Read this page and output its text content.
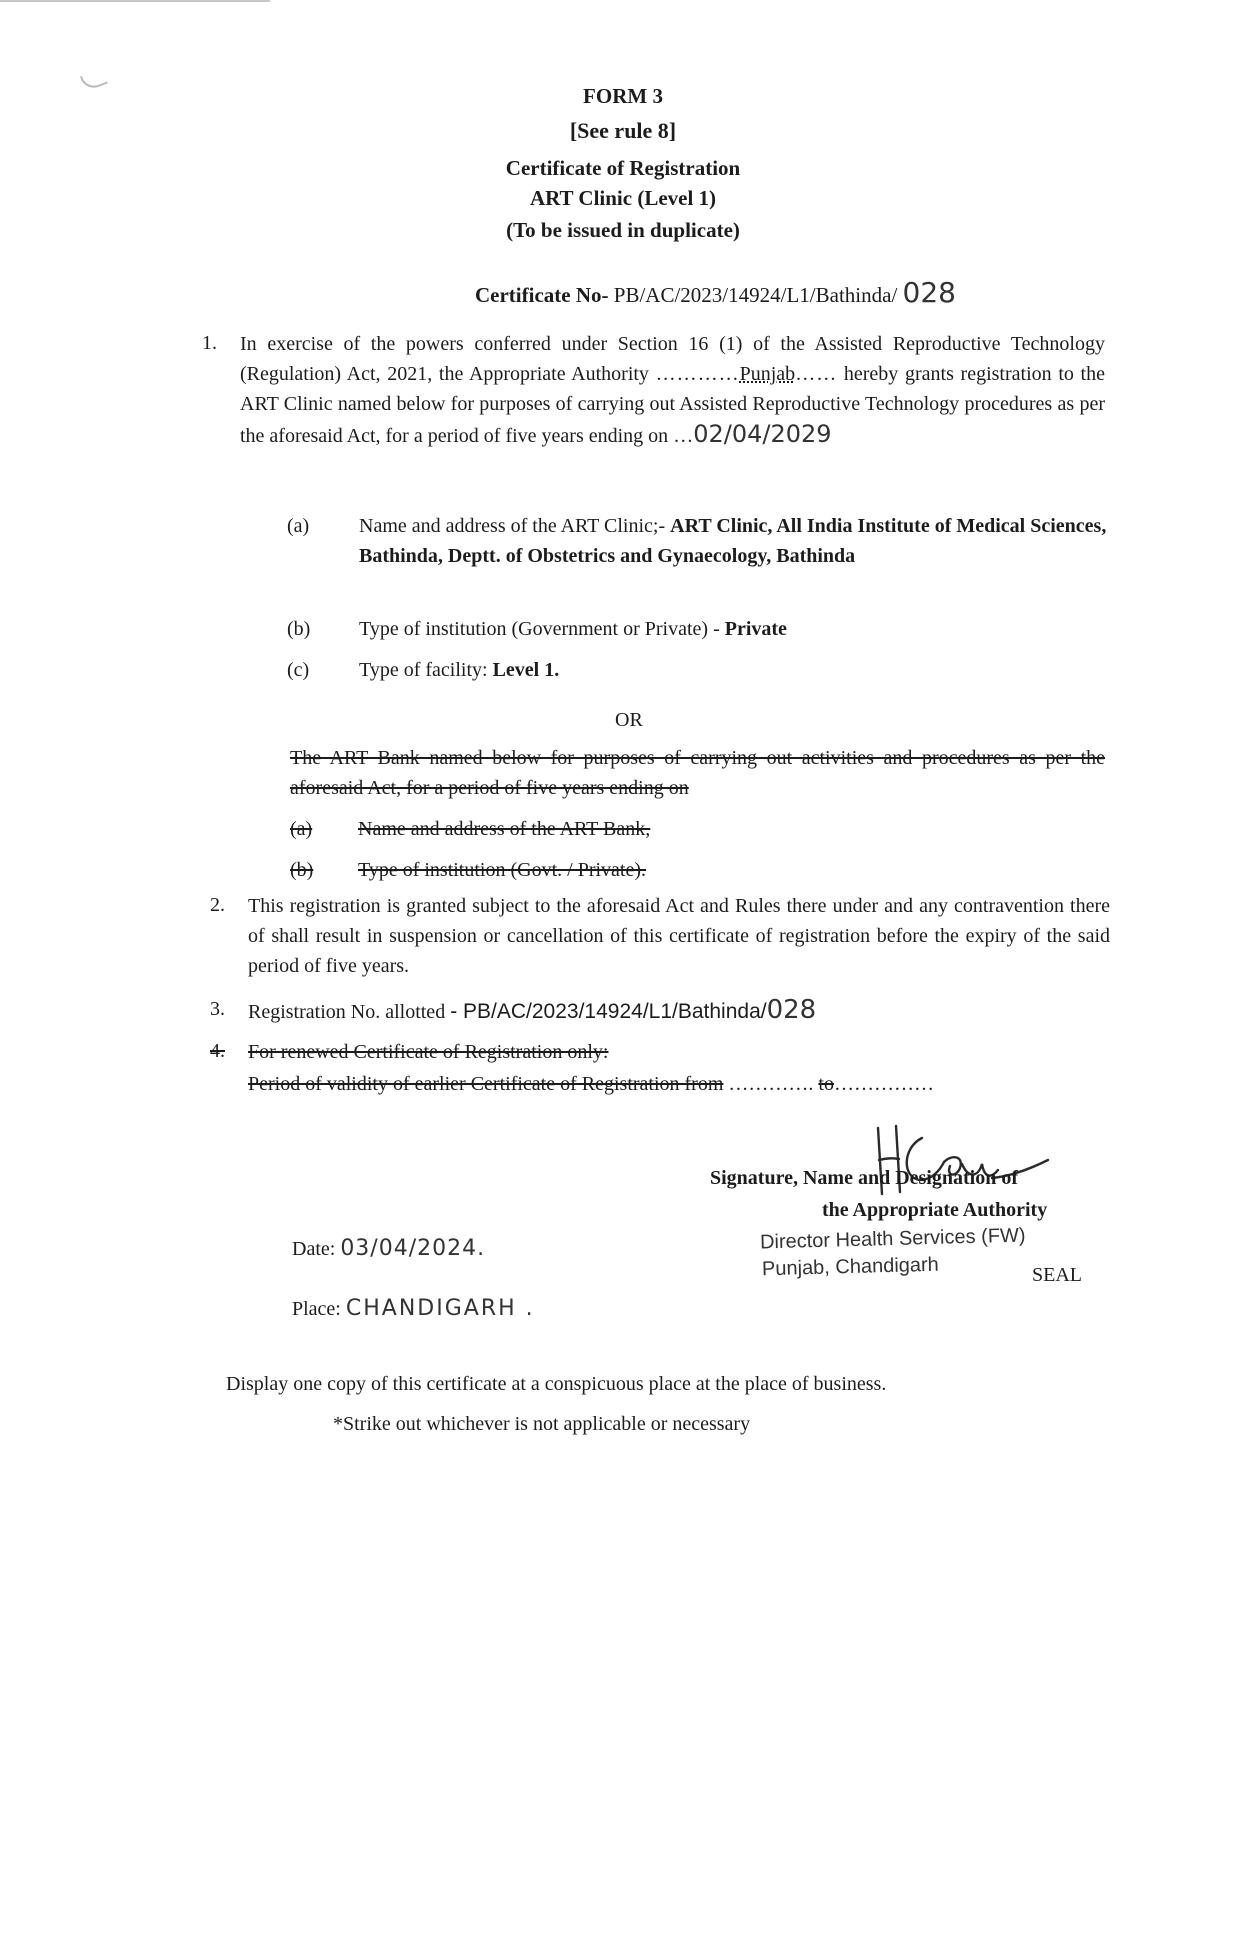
FORM 3
[See rule 8]
Certificate of Registration
ART Clinic (Level 1)
(To be issued in duplicate)
Certificate No- PB/AC/2023/14924/L1/Bathinda/ 028
1. In exercise of the powers conferred under Section 16 (1) of the Assisted Reproductive Technology (Regulation) Act, 2021, the Appropriate Authority …………Punjab…… hereby grants registration to the ART Clinic named below for purposes of carrying out Assisted Reproductive Technology procedures as per the aforesaid Act, for a period of five years ending on …02/04/2029
(a) Name and address of the ART Clinic;- ART Clinic, All India Institute of Medical Sciences, Bathinda, Deptt. of Obstetrics and Gynaecology, Bathinda
(b) Type of institution (Government or Private) - Private
(c) Type of facility: Level 1.
OR
The ART Bank named below for purposes of carrying out activities and procedures as per the aforesaid Act, for a period of five years ending on
(a) Name and address of the ART Bank,
(b) Type of institution (Govt. / Private).
2. This registration is granted subject to the aforesaid Act and Rules there under and any contravention there of shall result in suspension or cancellation of this certificate of registration before the expiry of the said period of five years.
3. Registration No. allotted - PB/AC/2023/14924/L1/Bathinda/028
4. For renewed Certificate of Registration only:
Period of validity of earlier Certificate of Registration from …………. to……………
Signature, Name and Designation of
the Appropriate Authority
Director Health Services (FW)
Punjab, Chandigarh	SEAL
Date: 03/04/2024.
Place: CHANDIGARH .
Display one copy of this certificate at a conspicuous place at the place of business.
*Strike out whichever is not applicable or necessary
